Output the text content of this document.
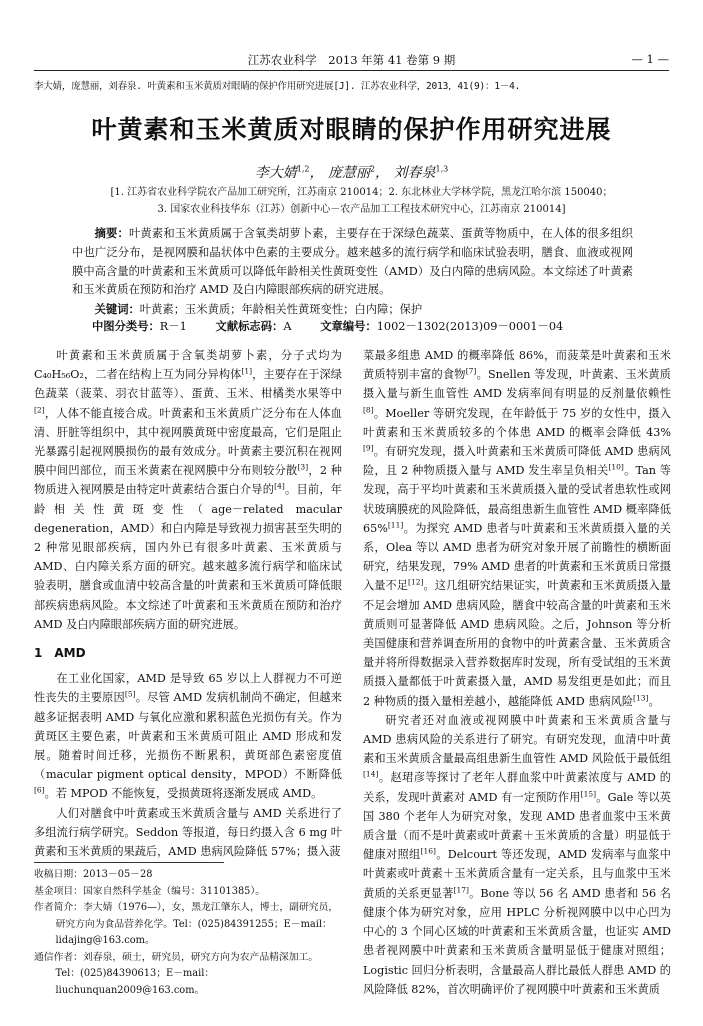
江苏农业科学　2013 年第 41 卷第 9 期	— 1 —
李大婧，庞慧丽，刘春泉. 叶黄素和玉米黄质对眼睛的保护作用研究进展[J]. 江苏农业科学，2013，41(9)：1－4.
叶黄素和玉米黄质对眼睛的保护作用研究进展
李大婧$^{1,2}$， 庞慧丽$^2$， 刘春泉$^{1,3}$
[1. 江苏省农业科学院农产品加工研究所，江苏南京 210014；2. 东北林业大学林学院，黑龙江哈尔滨 150040；
3. 国家农业科技华东（江苏）创新中心－农产品加工工程技术研究中心，江苏南京 210014]

摘要：叶黄素和玉米黄质属于含氧类胡萝卜素，主要存在于深绿色蔬菜、蛋黄等物质中，在人体的很多组织中也广泛分布，是视网膜和晶状体中色素的主要成分。越来越多的流行病学和临床试验表明，膳食、血液或视网膜中高含量的叶黄素和玉米黄质可以降低年龄相关性黄斑变性（AMD）及白内障的患病风险。本文综述了叶黄素和玉米黄质在预防和治疗 AMD 及白内障眼部疾病的研究进展。

关键词：叶黄素；玉米黄质；年龄相关性黄斑变性；白内障；保护

中图分类号：R－1	文献标志码：A	文章编号：1002－1302(2013)09－0001－04

叶黄素和玉米黄质属于含氧类胡萝卜素，分子式均为 C₄₀H₅₆O₂，二者在结构上互为同分异构体[1]，主要存在于深绿色蔬菜（菠菜、羽衣甘蓝等）、蛋黄、玉米、柑橘类水果等中[2]，人体不能直接合成。叶黄素和玉米黄质广泛分布在人体血清、肝脏等组织中，其中视网膜黄斑中密度最高，它们是阻止光暴露引起视网膜损伤的最有效成分。叶黄素主要沉积在视网膜中间凹部位，而玉米黄素在视网膜中分布则较分散[3]，2 种物质进入视网膜是由特定叶黄素结合蛋白介导的[4]。目前，年龄相关性黄斑变性（age－related macular degeneration，AMD）和白内障是导致视力损害甚至失明的 2 种常见眼部疾病，国内外已有很多叶黄素、玉米黄质与 AMD、白内障关系方面的研究。越来越多流行病学和临床试验表明，膳食或血清中较高含量的叶黄素和玉米黄质可降低眼部疾病患病风险。本文综述了叶黄素和玉米黄质在预防和治疗 AMD 及白内障眼部疾病方面的研究进展。

1　AMD

在工业化国家，AMD 是导致 65 岁以上人群视力不可逆性丧失的主要原因[5]。尽管 AMD 发病机制尚不确定，但越来越多证据表明 AMD 与氧化应激和累积蓝色光损伤有关。作为黄斑区主要色素，叶黄素和玉米黄质可阻止 AMD 形成和发展。随着时间迁移，光损伤不断累积，黄斑部色素密度值（macular pigment optical density，MPOD）不断降低[6]。若 MPOD 不能恢复，受损黄斑将逐渐发展成 AMD。

人们对膳食中叶黄素或玉米黄质含量与 AMD 关系进行了多组流行病学研究。Seddon 等报道，每日约摄入含 6 mg 叶黄素和玉米黄质的果蔬后，AMD 患病风险降低 57%；摄入菠

菜最多组患 AMD 的概率降低 86%，而菠菜是叶黄素和玉米黄质特别丰富的食物[7]。Snellen 等发现，叶黄素、玉米黄质摄入量与新生血管性 AMD 发病率间有明显的反剂量依赖性[8]。Moeller 等研究发现，在年龄低于 75 岁的女性中，摄入叶黄素和玉米黄质较多的个体患 AMD 的概率会降低 43%[9]。有研究发现，摄入叶黄素和玉米黄质可降低 AMD 患病风险，且 2 种物质摄入量与 AMD 发生率呈负相关[10]。Tan 等发现，高于平均叶黄素和玉米黄质摄入量的受试者患软性或网状玻璃膜疣的风险降低，最高组患新生血管性 AMD 概率降低 65%[11]。为探究 AMD 患者与叶黄素和玉米黄质摄入量的关系，Olea 等以 AMD 患者为研究对象开展了前瞻性的横断面研究，结果发现，79% AMD 患者的叶黄素和玉米黄质日常摄入量不足[12]。这几组研究结果证实，叶黄素和玉米黄质摄入量不足会增加 AMD 患病风险，膳食中较高含量的叶黄素和玉米黄质则可显著降低 AMD 患病风险。之后，Johnson 等分析美国健康和营养调查所用的食物中的叶黄素含量、玉米黄质含量并将所得数据录入营养数据库时发现，所有受试组的玉米黄质摄入量都低于叶黄素摄入量，AMD 易发组更是如此；而且 2 种物质的摄入量相差越小，越能降低 AMD 患病风险[13]。

研究者还对血液或视网膜中叶黄素和玉米黄质含量与 AMD 患病风险的关系进行了研究。有研究发现，血清中叶黄素和玉米黄质含量最高组患新生血管性 AMD 风险低于最低组[14]。赵珺彦等探讨了老年人群血浆中叶黄素浓度与 AMD 的关系，发现叶黄素对 AMD 有一定预防作用[15]。Gale 等以英国 380 个老年人为研究对象，发现 AMD 患者血浆中玉米黄质含量（而不是叶黄素或叶黄素＋玉米黄质的含量）明显低于健康对照组[16]。Delcourt 等还发现，AMD 发病率与血浆中叶黄素或叶黄素＋玉米黄质含量有一定关系，且与血浆中玉米黄质的关系更显著[17]。Bone 等以 56 名 AMD 患者和 56 名健康个体为研究对象，应用 HPLC 分析视网膜中以中心凹为中心的 3 个同心区域的叶黄素和玉米黄质含量，也证实 AMD 患者视网膜中叶黄素和玉米黄质含量明显低于健康对照组；Logistic 回归分析表明，含量最高人群比最低人群患 AMD 的风险降低 82%，首次明确评价了视网膜中叶黄素和玉米黄质

收稿日期：2013－05－28

基金项目：国家自然科学基金（编号：31101385）。

作者简介：李大婧（1976—），女，黑龙江肇东人，博士，副研究员，研究方向为食品营养化学。Tel：(025)84391255；E－mail：lidajing@163.com。

通信作者：刘春泉，硕士，研究员，研究方向为农产品精深加工。Tel：(025)84390613；E－mail：liuchunquan2009@163.com。
